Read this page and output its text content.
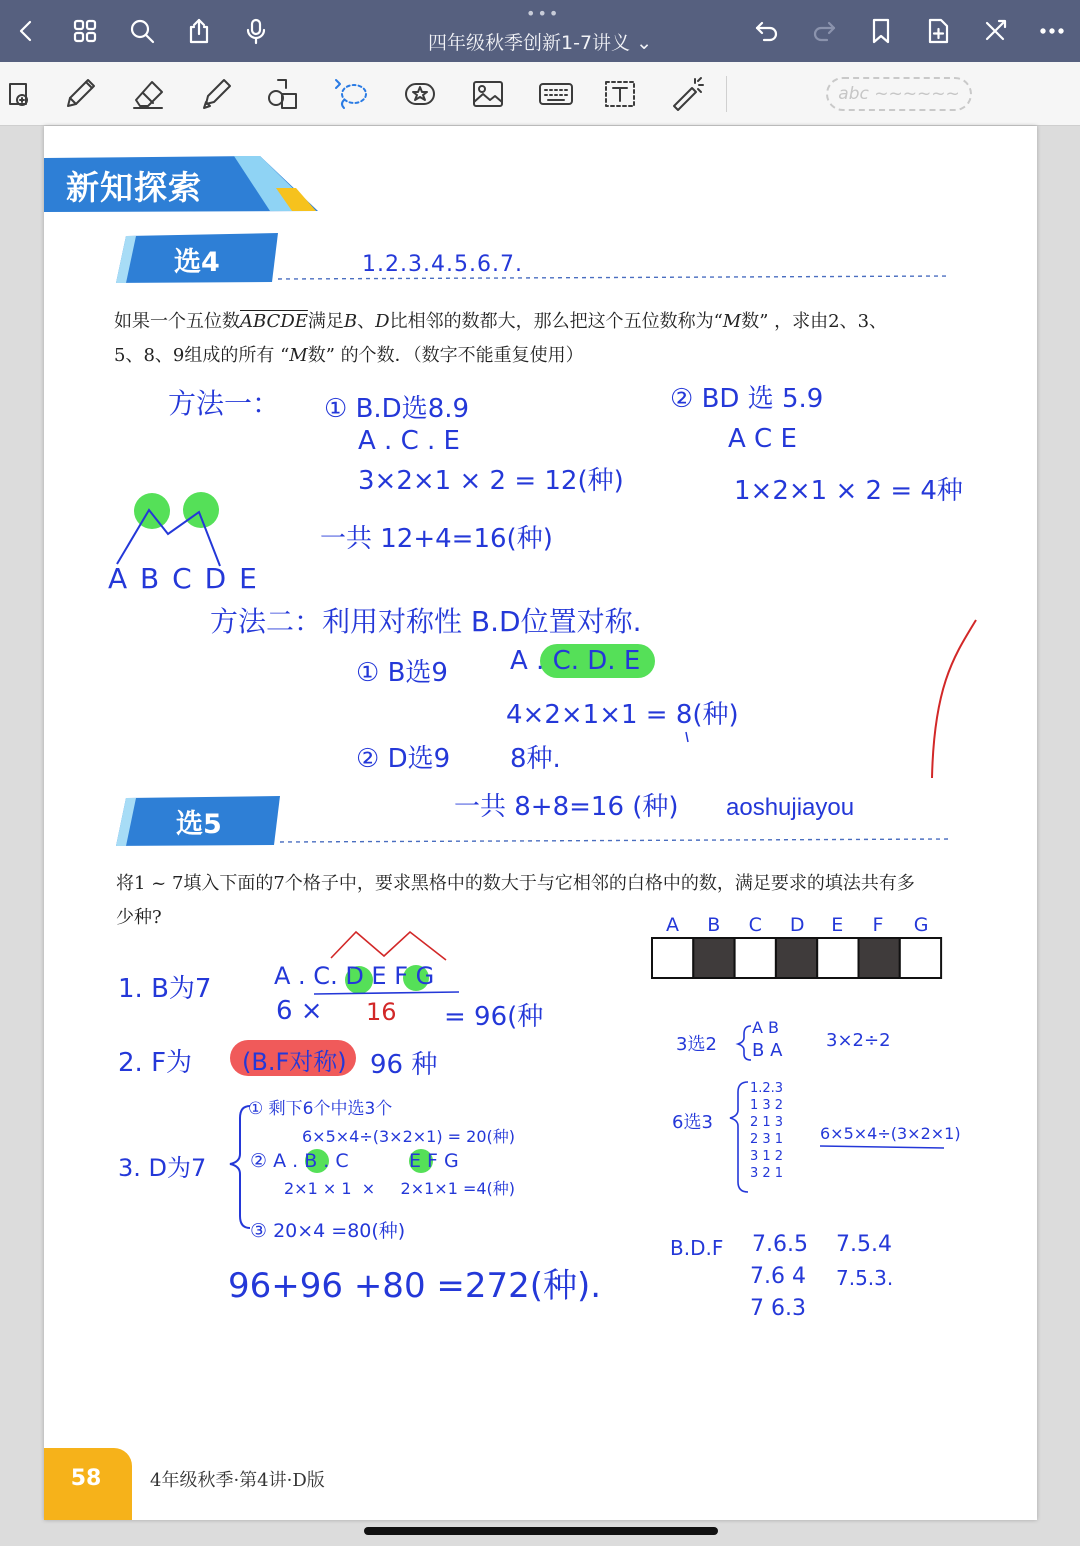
•••
四年级秋季创新1-7讲义 ⌄
abc ~~~~~~
新知探索
选4	1.2.3.4.5.6.7.
如果一个五位数ABCDE满足B、D比相邻的数都大，那么把这个五位数称为“M数” ，求由2、3、
5、8、9组成的所有 “M数” 的个数．（数字不能重复使用）
方法一： ① B.D选8.9
A . C . E
3×2×1 × 2 = 12(种)
② BD 选 5.9
A C E
1×2×1 × 2 = 4种
一共 12+4=16(种)
A B C D E
方法二：利用对称性 B.D位置对称.
① B选9 A . C. D. E
4×2×1×1 = 8(种)
② D选9 8种.
一共 8+8=16 (种) aoshujiayou
选5
将1 ~ 7填入下面的7个格子中，要求黑格中的数大于与它相邻的白格中的数，满足要求的填法共有多
少种?	A B C D E F G
1. B为7	A . C. D E F G
6 × 16 = 96(种
2. F为 (B.F对称) 96 种
3. D为7
① 剩下6个中选3个
6×5×4÷(3×2×1) = 20(种)
② A . B . C          E F G
2×1 × 1  ×     2×1×1 =4(种)
③ 20×4 =80(种)
96+96 +80 =272(种).
3选2
A B
B A 3×2÷2
6选3
1.2.3
1 3 2
2 1 3
2 3 1
3 1 2
3 2 1
6×5×4÷(3×2×1)
B.D.F 7.6.5 7.5.4
7.6 4 7.5.3.
7 6.3
58	4年级秋季·第4讲·D版
